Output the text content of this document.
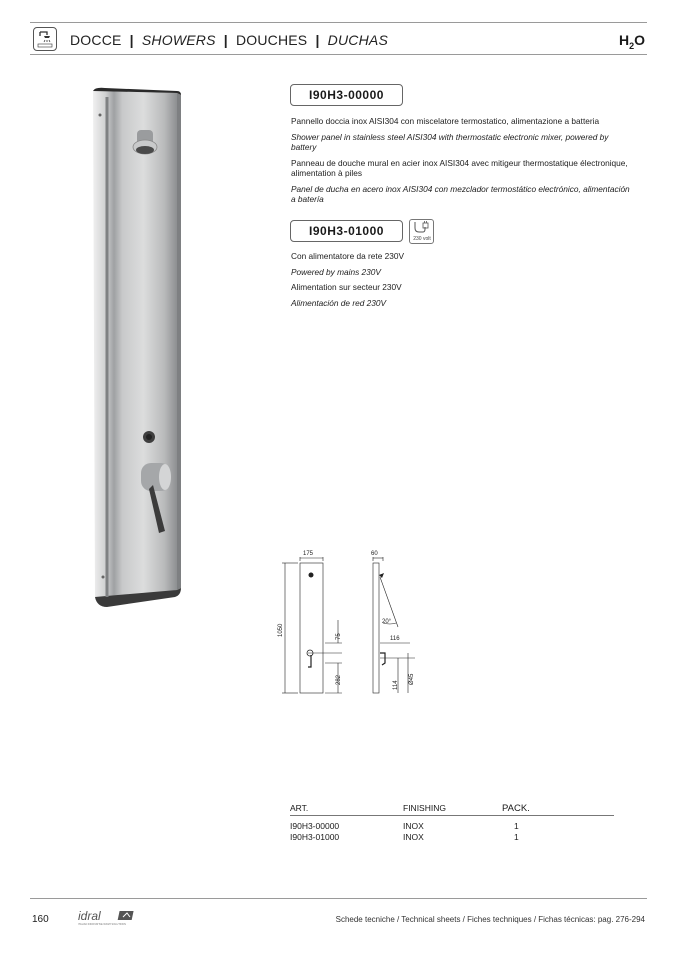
DOCCE | SHOWERS | DOUCHES | DUCHAS	$H_2O$
I90H3-00000

Pannello doccia inox AISI304 con miscelatore termostatico, alimentazione a batteria

Shower panel in stainless steel AISI304 with thermostatic electronic mixer, powered by battery

Panneau de douche mural en acier inox AISI304 avec mitigeur thermostatique électronique, alimentation à piles

Panel de ducha en acero inox AISI304 con mezclador termostático electrónico, alimentación a batería

I90H3-01000
230 volt

Con alimentatore da rete 230V

Powered by mains 230V

Alimentation sur secteur 230V

Alimentación de red 230V

175	60
1050	75
282
20°
116
114
Ø45
ART.	FINISHING	PACK.
I90H3-00000	INOX	1
I90H3-01000	INOX	1
160 idral
ITALIAN INNOVATIVE WASH SOLUTIONS
Schede tecniche / Technical sheets / Fiches techniques / Fichas técnicas: pag. 276-294
